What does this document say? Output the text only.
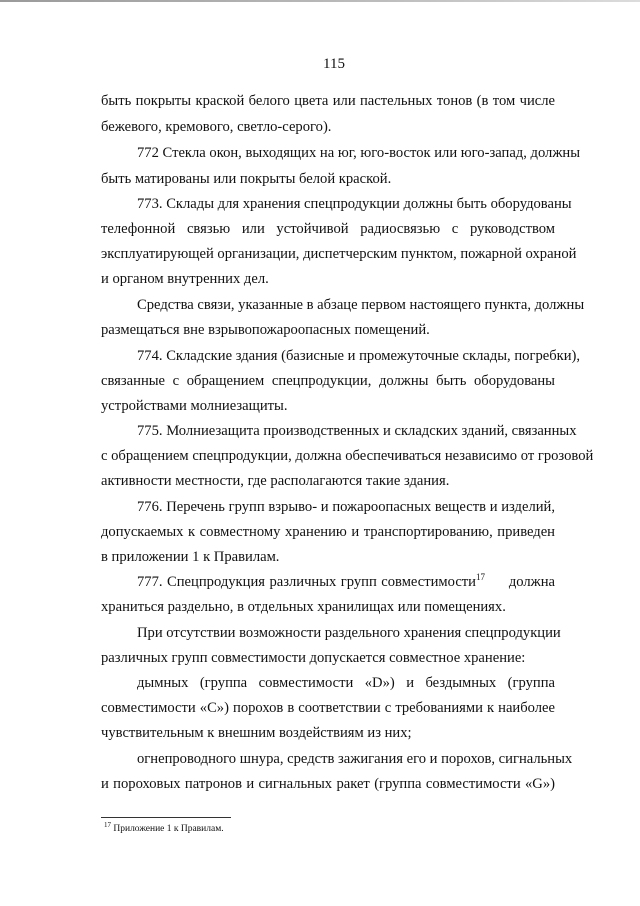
115
быть покрыты краской белого цвета или пастельных тонов (в том числе
бежевого, кремового, светло-серого).
772 Стекла окон, выходящих на юг, юго-восток или юго-запад, должны
быть матированы или покрыты белой краской.
773. Склады для хранения спецпродукции должны быть оборудованы
телефонной связью или устойчивой радиосвязью с руководством
эксплуатирующей организации, диспетчерским пунктом, пожарной охраной
и органом внутренних дел.
Средства связи, указанные в абзаце первом настоящего пункта, должны
размещаться вне взрывопожароопасных помещений.
774. Складские здания (базисные и промежуточные склады, погребки),
связанные с обращением спецпродукции, должны быть оборудованы
устройствами молниезащиты.
775. Молниезащита производственных и складских зданий, связанных
с обращением спецпродукции, должна обеспечиваться независимо от грозовой
активности местности, где располагаются такие здания.
776. Перечень групп взрыво- и пожароопасных веществ и изделий,
допускаемых к совместному хранению и транспортированию, приведен
в приложении 1 к Правилам.
777. Спецпродукция различных групп совместимости$^{17}$ должна
храниться раздельно, в отдельных хранилищах или помещениях.
При отсутствии возможности раздельного хранения спецпродукции
различных групп совместимости допускается совместное хранение:
дымных (группа совместимости «D») и бездымных (группа
совместимости «С») порохов в соответствии с требованиями к наиболее
чувствительным к внешним воздействиям из них;
огнепроводного шнура, средств зажигания его и порохов, сигнальных
и пороховых патронов и сигнальных ракет (группа совместимости «G»)
$^{17}$ Приложение 1 к Правилам.
